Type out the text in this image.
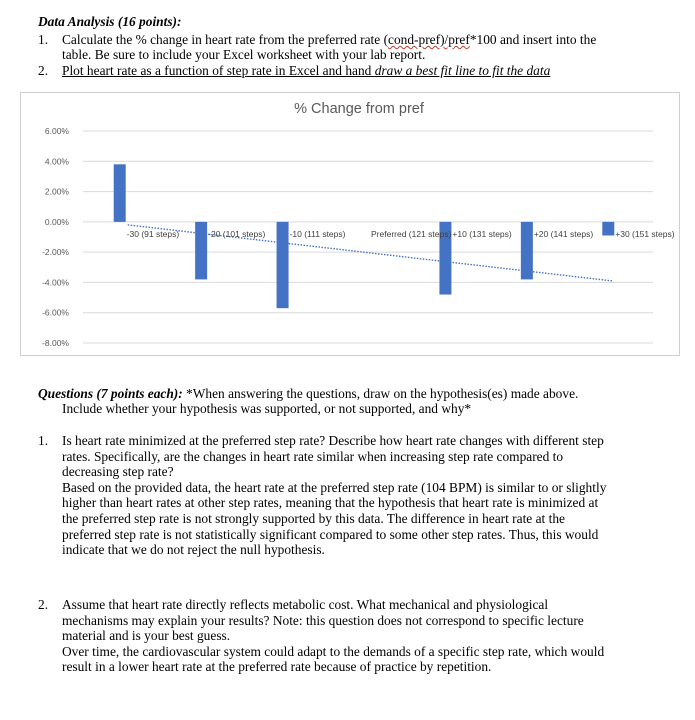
Data Analysis (16 points):
1. Calculate the % change in heart rate from the preferred rate (cond-pref)/pref*100 and insert into the
table. Be sure to include your Excel worksheet with your lab report.
2. Plot heart rate as a function of step rate in Excel and hand draw a best fit line to fit the data
% Change from pref
6.00%
4.00%
2.00%
0.00%
-2.00%
-4.00%
-6.00%
-8.00%
-30 (91 steps)	-20 (101 steps)	-10 (111 steps)	Preferred (121 steps) +10 (131 steps)	+20 (141 steps)	+30 (151 steps)
Questions (7 points each): *When answering the questions, draw on the hypothesis(es) made above.
Include whether your hypothesis was supported, or not supported, and why*
1. Is heart rate minimized at the preferred step rate? Describe how heart rate changes with different step
rates. Specifically, are the changes in heart rate similar when increasing step rate compared to
decreasing step rate?
Based on the provided data, the heart rate at the preferred step rate (104 BPM) is similar to or slightly
higher than heart rates at other step rates, meaning that the hypothesis that heart rate is minimized at
the preferred step rate is not strongly supported by this data. The difference in heart rate at the
preferred step rate is not statistically significant compared to some other step rates. Thus, this would
indicate that we do not reject the null hypothesis.
2. Assume that heart rate directly reflects metabolic cost. What mechanical and physiological
mechanisms may explain your results? Note: this question does not correspond to specific lecture
material and is your best guess.
Over time, the cardiovascular system could adapt to the demands of a specific step rate, which would
result in a lower heart rate at the preferred rate because of practice by repetition.
